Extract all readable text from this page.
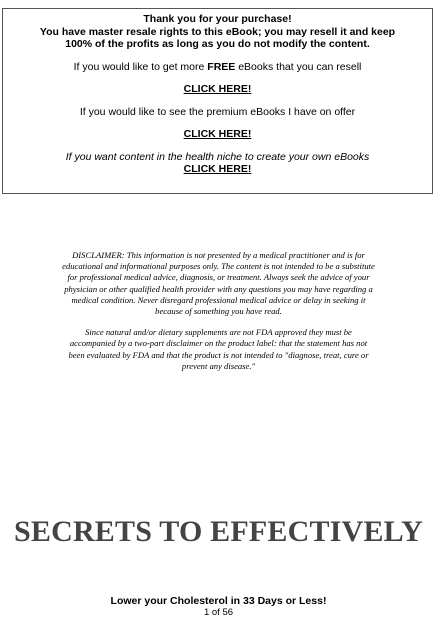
Thank you for your purchase!
You have master resale rights to this eBook; you may resell it and keep
100% of the profits as long as you do not modify the content.

If you would like to get more FREE eBooks that you can resell

CLICK HERE!

If you would like to see the premium eBooks I have on offer

CLICK HERE!

If you want content in the health niche to create your own eBooks

CLICK HERE!

DISCLAIMER: This information is not presented by a medical practitioner and is for educational and informational purposes only. The content is not intended to be a substitute for professional medical advice, diagnosis, or treatment. Always seek the advice of your physician or other qualified health provider with any questions you may have regarding a medical condition. Never disregard professional medical advice or delay in seeking it because of something you have read.

Since natural and/or dietary supplements are not FDA approved they must be accompanied by a two-part disclaimer on the product label: that the statement has not been evaluated by FDA and that the product is not intended to "diagnose, treat, cure or prevent any disease."

SECRETS TO EFFECTIVELY
Lower your Cholesterol in 33 Days or Less!
1 of 56
